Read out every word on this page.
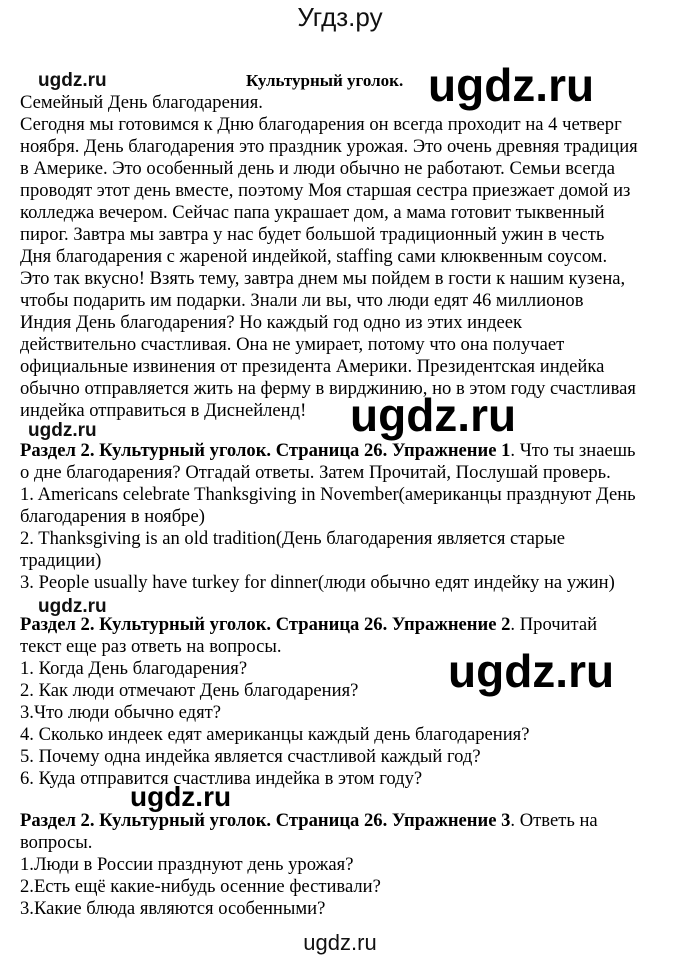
Угдз.ру
ugdz.ru	Культурный уголок. ugdz.ru
Семейный День благодарения.
Сегодня мы готовимся к Дню благодарения он всегда проходит на 4 четверг
ноября. День благодарения это праздник урожая. Это очень древняя традиция
в Америке. Это особенный день и люди обычно не работают. Семьи всегда
проводят этот день вместе, поэтому Моя старшая сестра приезжает домой из
колледжа вечером. Сейчас папа украшает дом, а мама готовит тыквенный
пирог. Завтра мы завтра у нас будет большой традиционный ужин в честь
Дня благодарения с жареной индейкой, staffing сами клюквенным соусом.
Это так вкусно! Взять тему, завтра днем мы пойдем в гости к нашим кузена,
чтобы подарить им подарки. Знали ли вы, что люди едят 46 миллионов
Индия День благодарения? Но каждый год одно из этих индеек
действительно счастливая. Она не умирает, потому что она получает
официальные извинения от президента Америки. Президентская индейка
обычно отправляется жить на ферму в вирджинию, но в этом году счастливая
индейка отправиться в Диснейленд! ugdz.ru
ugdz.ru
Раздел 2. Культурный уголок. Страница 26. Упражнение 1. Что ты знаешь
о дне благодарения? Отгадай ответы. Затем Прочитай, Послушай проверь.
1. Americans celebrate Thanksgiving in November(американцы празднуют День
благодарения в ноябре)
2. Thanksgiving is an old tradition(День благодарения является старые
традиции)
3. People usually have turkey for dinner(люди обычно едят индейку на ужин)
ugdz.ru
Раздел 2. Культурный уголок. Страница 26. Упражнение 2. Прочитай
текст еще раз ответь на вопросы.
1. Когда День благодарения?
2. Как люди отмечают День благодарения?
3.Что люди обычно едят?
4. Сколько индеек едят американцы каждый день благодарения?
5. Почему одна индейка является счастливой каждый год?
6. Куда отправится счастлива индейка в этом году?
ugdz.ru
ugdz.ru
Раздел 2. Культурный уголок. Страница 26. Упражнение 3. Ответь на
вопросы.
1.Люди в России празднуют день урожая?
2.Есть ещё какие-нибудь осенние фестивали?
3.Какие блюда являются особенными?
ugdz.ru
